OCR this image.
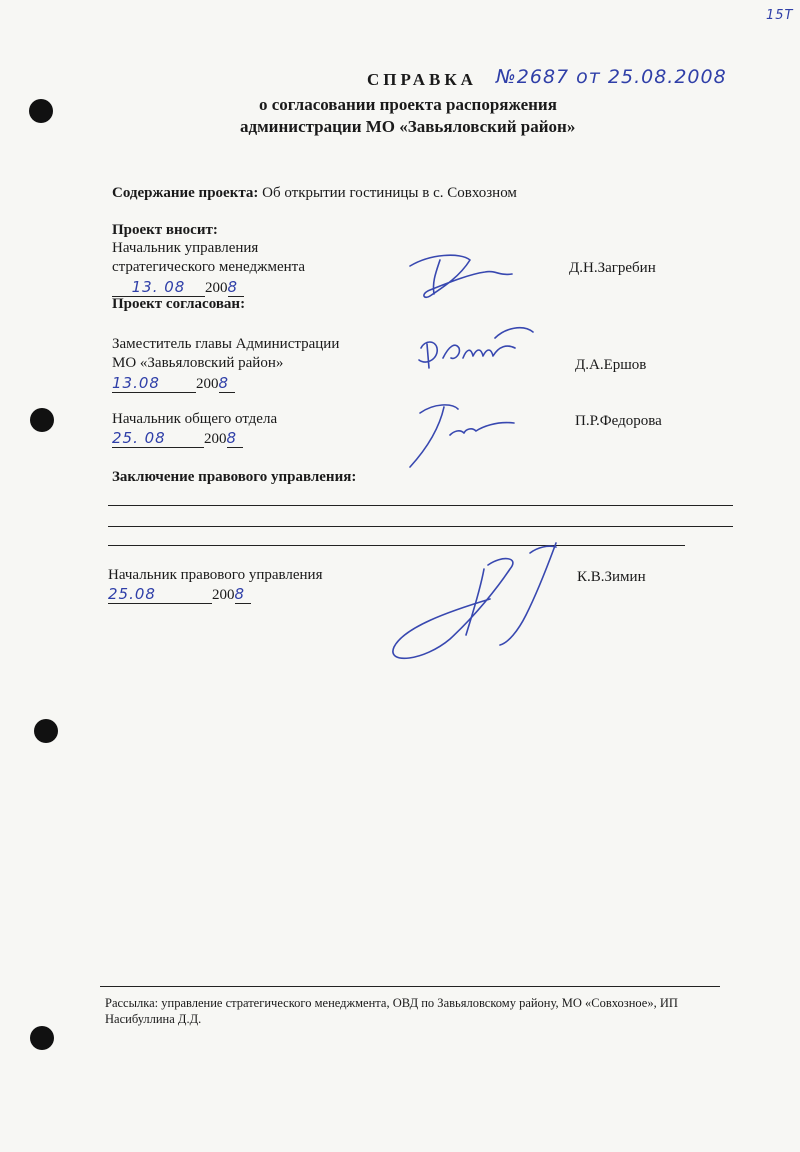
15Т
СПРАВКА №2687 от 25.08.2008
о согласовании проекта распоряжения
администрации МО «Завьяловский район»
Содержание проекта: Об открытии гостиницы в с. Совхозном
Проект вносит:
Начальник управления
стратегического менеджмента
13. 08 2008
Д.Н.Загребин
Проект согласован:
Заместитель главы Администрации
МО «Завьяловский район»
13.08 2008
Д.А.Ершов
Начальник общего отдела
25. 08	2008
П.Р.Федорова
Заключение правового управления:
Начальник правового управления
25.08	2008
К.В.Зимин
Рассылка: управление стратегического менеджмента, ОВД по Завьяловскому району, МО «Совхозное», ИП
Насибуллина Д.Д.
